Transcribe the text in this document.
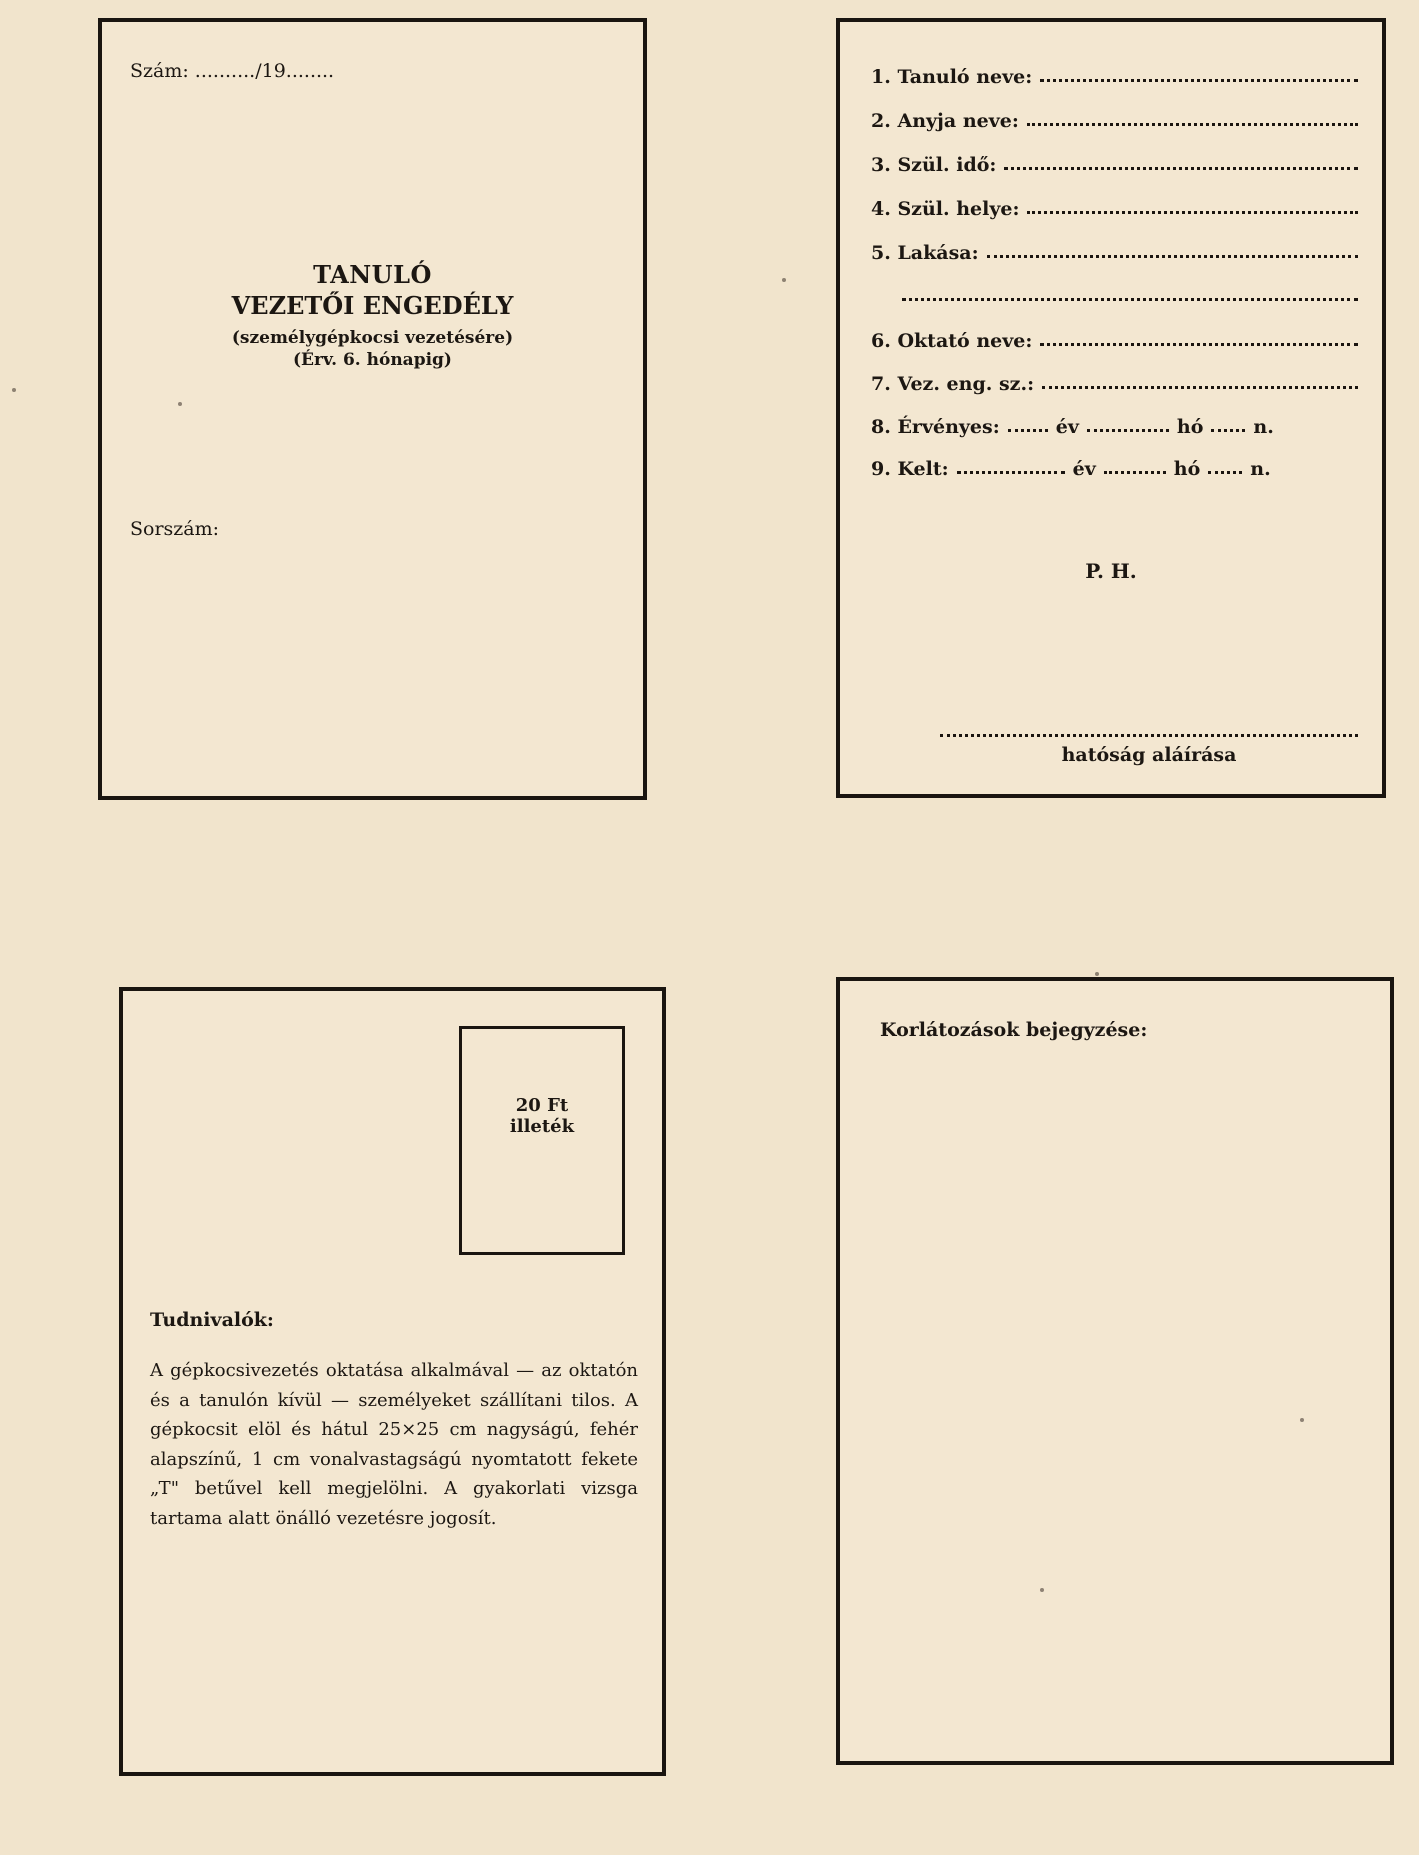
Szám: ........../19........
TANULÓ
VEZETŐI ENGEDÉLY
(személygépkocsi vezetésére)
(Érv. 6. hónapig)
Sorszám:
1. Tanuló neve:
2. Anyja neve:
3. Szül. idő:
4. Szül. helye:
5. Lakása:
6. Oktató neve:
7. Vez. eng. sz.:
8. Érvényes:	év	hó	n.
9. Kelt:	év	hó	n.
P. H.
hatóság aláírása
20 Ft
illeték
Tudnivalók:
A gépkocsivezetés oktatása alkalmával — az oktatón és a tanulón kívül — személyeket szállítani tilos. A gépkocsit elöl és hátul 25×25 cm nagyságú, fehér alapszínű, 1 cm vonalvastagságú nyomtatott fekete „T" betűvel kell megjelölni. A gyakorlati vizsga tartama alatt önálló vezetésre jogosít.
Korlátozások bejegyzése:
